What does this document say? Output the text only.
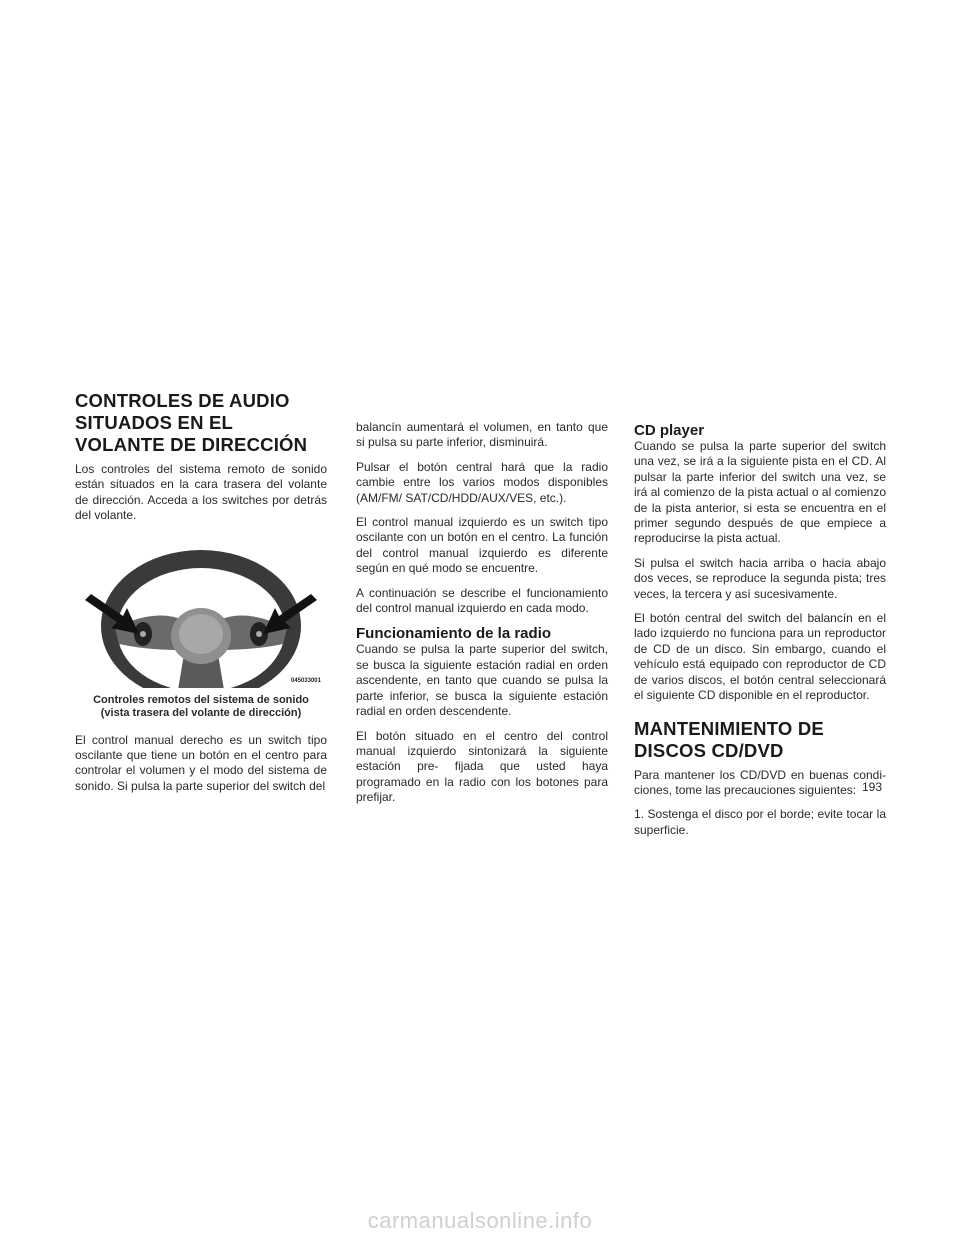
CONTROLES DE AUDIO SITUADOS EN EL VOLANTE DE DIRECCIÓN

Los controles del sistema remoto de sonido están situados en la cara trasera del volante de dirección. Acceda a los switches por detrás del volante.

045033001
Controles remotos del sistema de sonido
(vista trasera del volante de dirección)

El control manual derecho es un switch tipo oscilante que tiene un botón en el centro para controlar el volumen y el modo del sistema de sonido. Si pulsa la parte superior del switch del

balancín aumentará el volumen, en tanto que si pulsa su parte inferior, disminuirá.

Pulsar el botón central hará que la radio cambie entre los varios modos disponibles (AM/FM/ SAT/CD/HDD/AUX/VES, etc.).

El control manual izquierdo es un switch tipo oscilante con un botón en el centro. La función del control manual izquierdo es diferente según en qué modo se encuentre.

A continuación se describe el funcionamiento del control manual izquierdo en cada modo.

Funcionamiento de la radio

Cuando se pulsa la parte superior del switch, se busca la siguiente estación radial en orden ascendente, en tanto que cuando se pulsa la parte inferior, se busca la siguiente estación radial en orden descendente.

El botón situado en el centro del control manual izquierdo sintonizará la siguiente estación pre- fijada que usted haya programado en la radio con los botones para prefijar.

CD player

Cuando se pulsa la parte superior del switch una vez, se irá a la siguiente pista en el CD. Al pulsar la parte inferior del switch una vez, se irá al comienzo de la pista actual o al comienzo de la pista anterior, si esta se encuentra en el primer segundo después de que empiece a reproducirse la pista actual.

Si pulsa el switch hacia arriba o hacia abajo dos veces, se reproduce la segunda pista; tres veces, la tercera y así sucesivamente.

El botón central del switch del balancín en el lado izquierdo no funciona para un reproductor de CD de un disco. Sin embargo, cuando el vehículo está equipado con reproductor de CD de varios discos, el botón central seleccionará el siguiente CD disponible en el reproductor.

MANTENIMIENTO DE DISCOS CD/DVD

Para mantener los CD/DVD en buenas condi- ciones, tome las precauciones siguientes:

1. Sostenga el disco por el borde; evite tocar la superficie.

193
carmanualsonline.info
